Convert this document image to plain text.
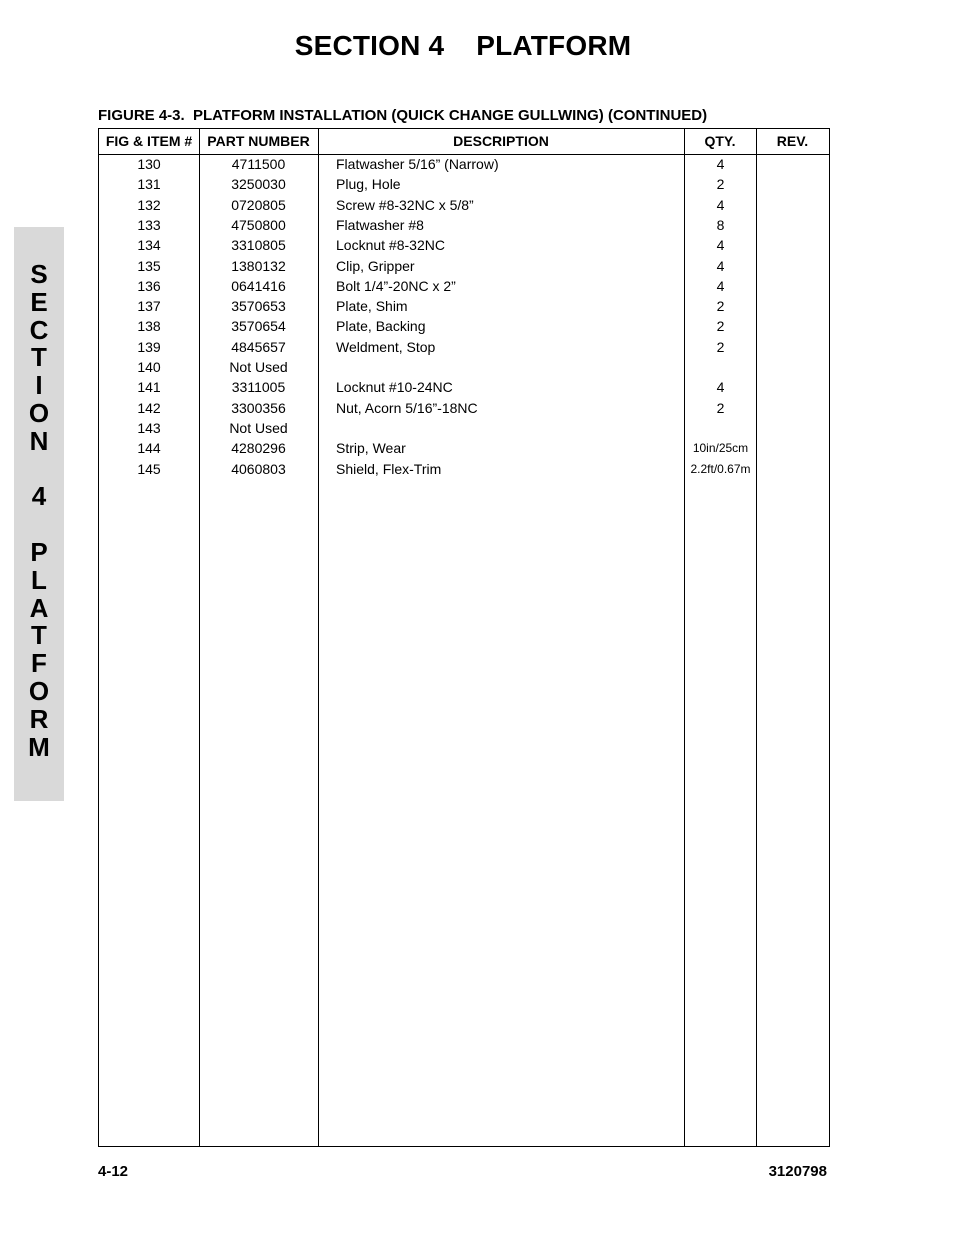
SECTION 4    PLATFORM
S
E
C
T
I
O
N
4
P
L
A
T
F
O
R
M
FIGURE 4-3.  PLATFORM INSTALLATION (QUICK CHANGE GULLWING) (CONTINUED)
FIG & ITEM #	PART NUMBER	DESCRIPTION	QTY.	REV.
130	4711500	Flatwasher 5/16” (Narrow)	4
131	3250030	Plug, Hole	2
132	0720805	Screw #8-32NC x 5/8”	4
133	4750800	Flatwasher #8	8
134	3310805	Locknut #8-32NC	4
135	1380132	Clip, Gripper	4
136	0641416	Bolt 1/4”-20NC x 2”	4
137	3570653	Plate, Shim	2
138	3570654	Plate, Backing	2
139	4845657	Weldment, Stop	2
140	Not Used
141	3311005	Locknut #10-24NC	4
142	3300356	Nut, Acorn 5/16”-18NC	2
143	Not Used
144	4280296	Strip, Wear	10in/25cm
145	4060803	Shield, Flex-Trim	2.2ft/0.67m
4-12	3120798
